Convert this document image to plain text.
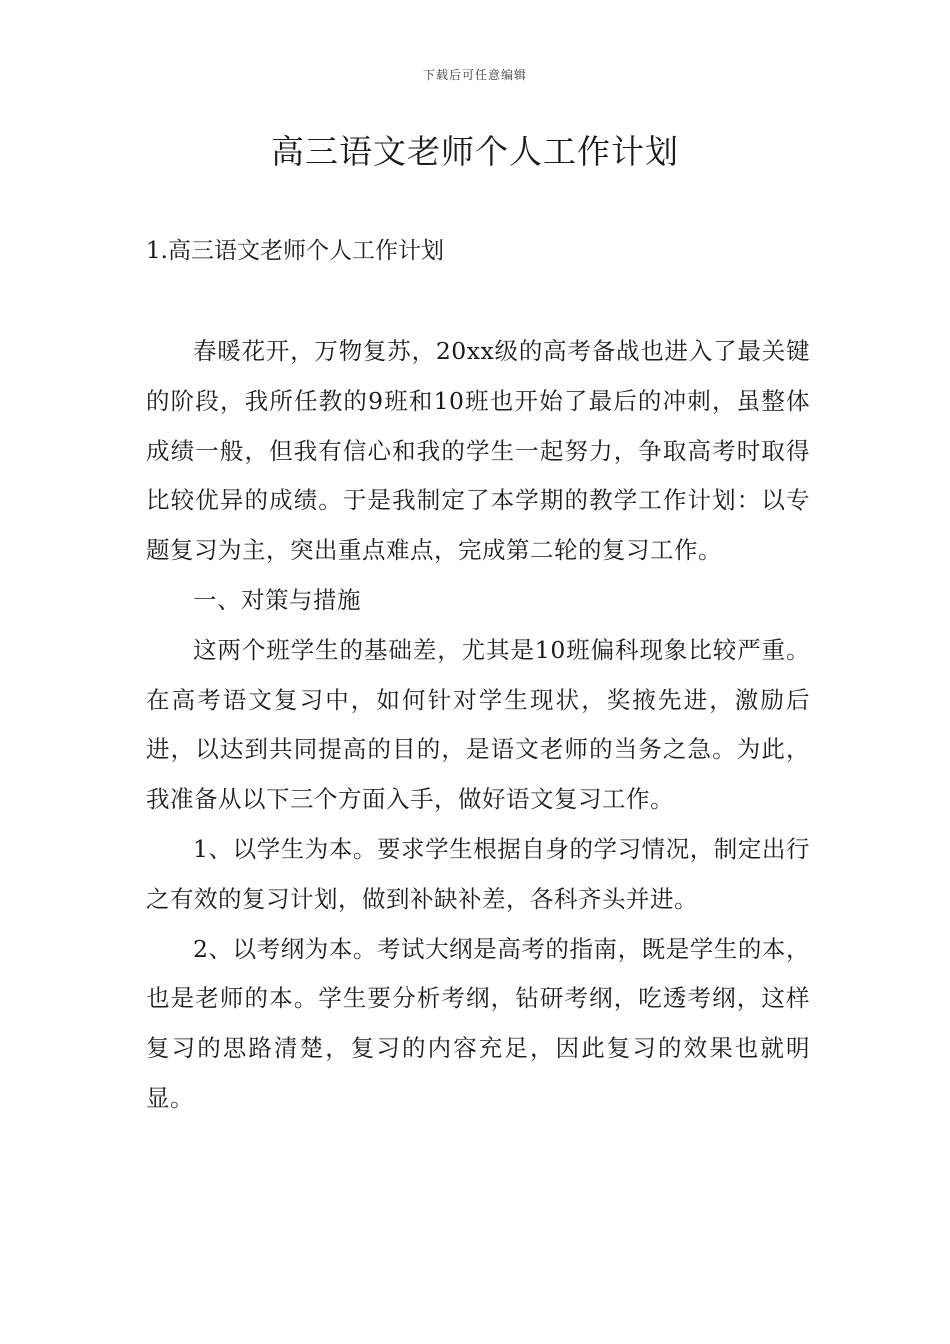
下载后可任意编辑
高三语文老师个人工作计划
1.高三语文老师个人工作计划

春暖花开，万物复苏，20xx级的高考备战也进入了最关键的阶段，我所任教的9班和10班也开始了最后的冲刺，虽整体成绩一般，但我有信心和我的学生一起努力，争取高考时取得比较优异的成绩。于是我制定了本学期的教学工作计划：以专题复习为主，突出重点难点，完成第二轮的复习工作。

一、对策与措施

这两个班学生的基础差，尤其是10班偏科现象比较严重。在高考语文复习中，如何针对学生现状，奖掖先进，激励后进，以达到共同提高的目的，是语文老师的当务之急。为此，我准备从以下三个方面入手，做好语文复习工作。

1、以学生为本。要求学生根据自身的学习情况，制定出行之有效的复习计划，做到补缺补差，各科齐头并进。

2、以考纲为本。考试大纲是高考的指南，既是学生的本，也是老师的本。学生要分析考纲，钻研考纲，吃透考纲，这样复习的思路清楚，复习的内容充足，因此复习的效果也就明显。
